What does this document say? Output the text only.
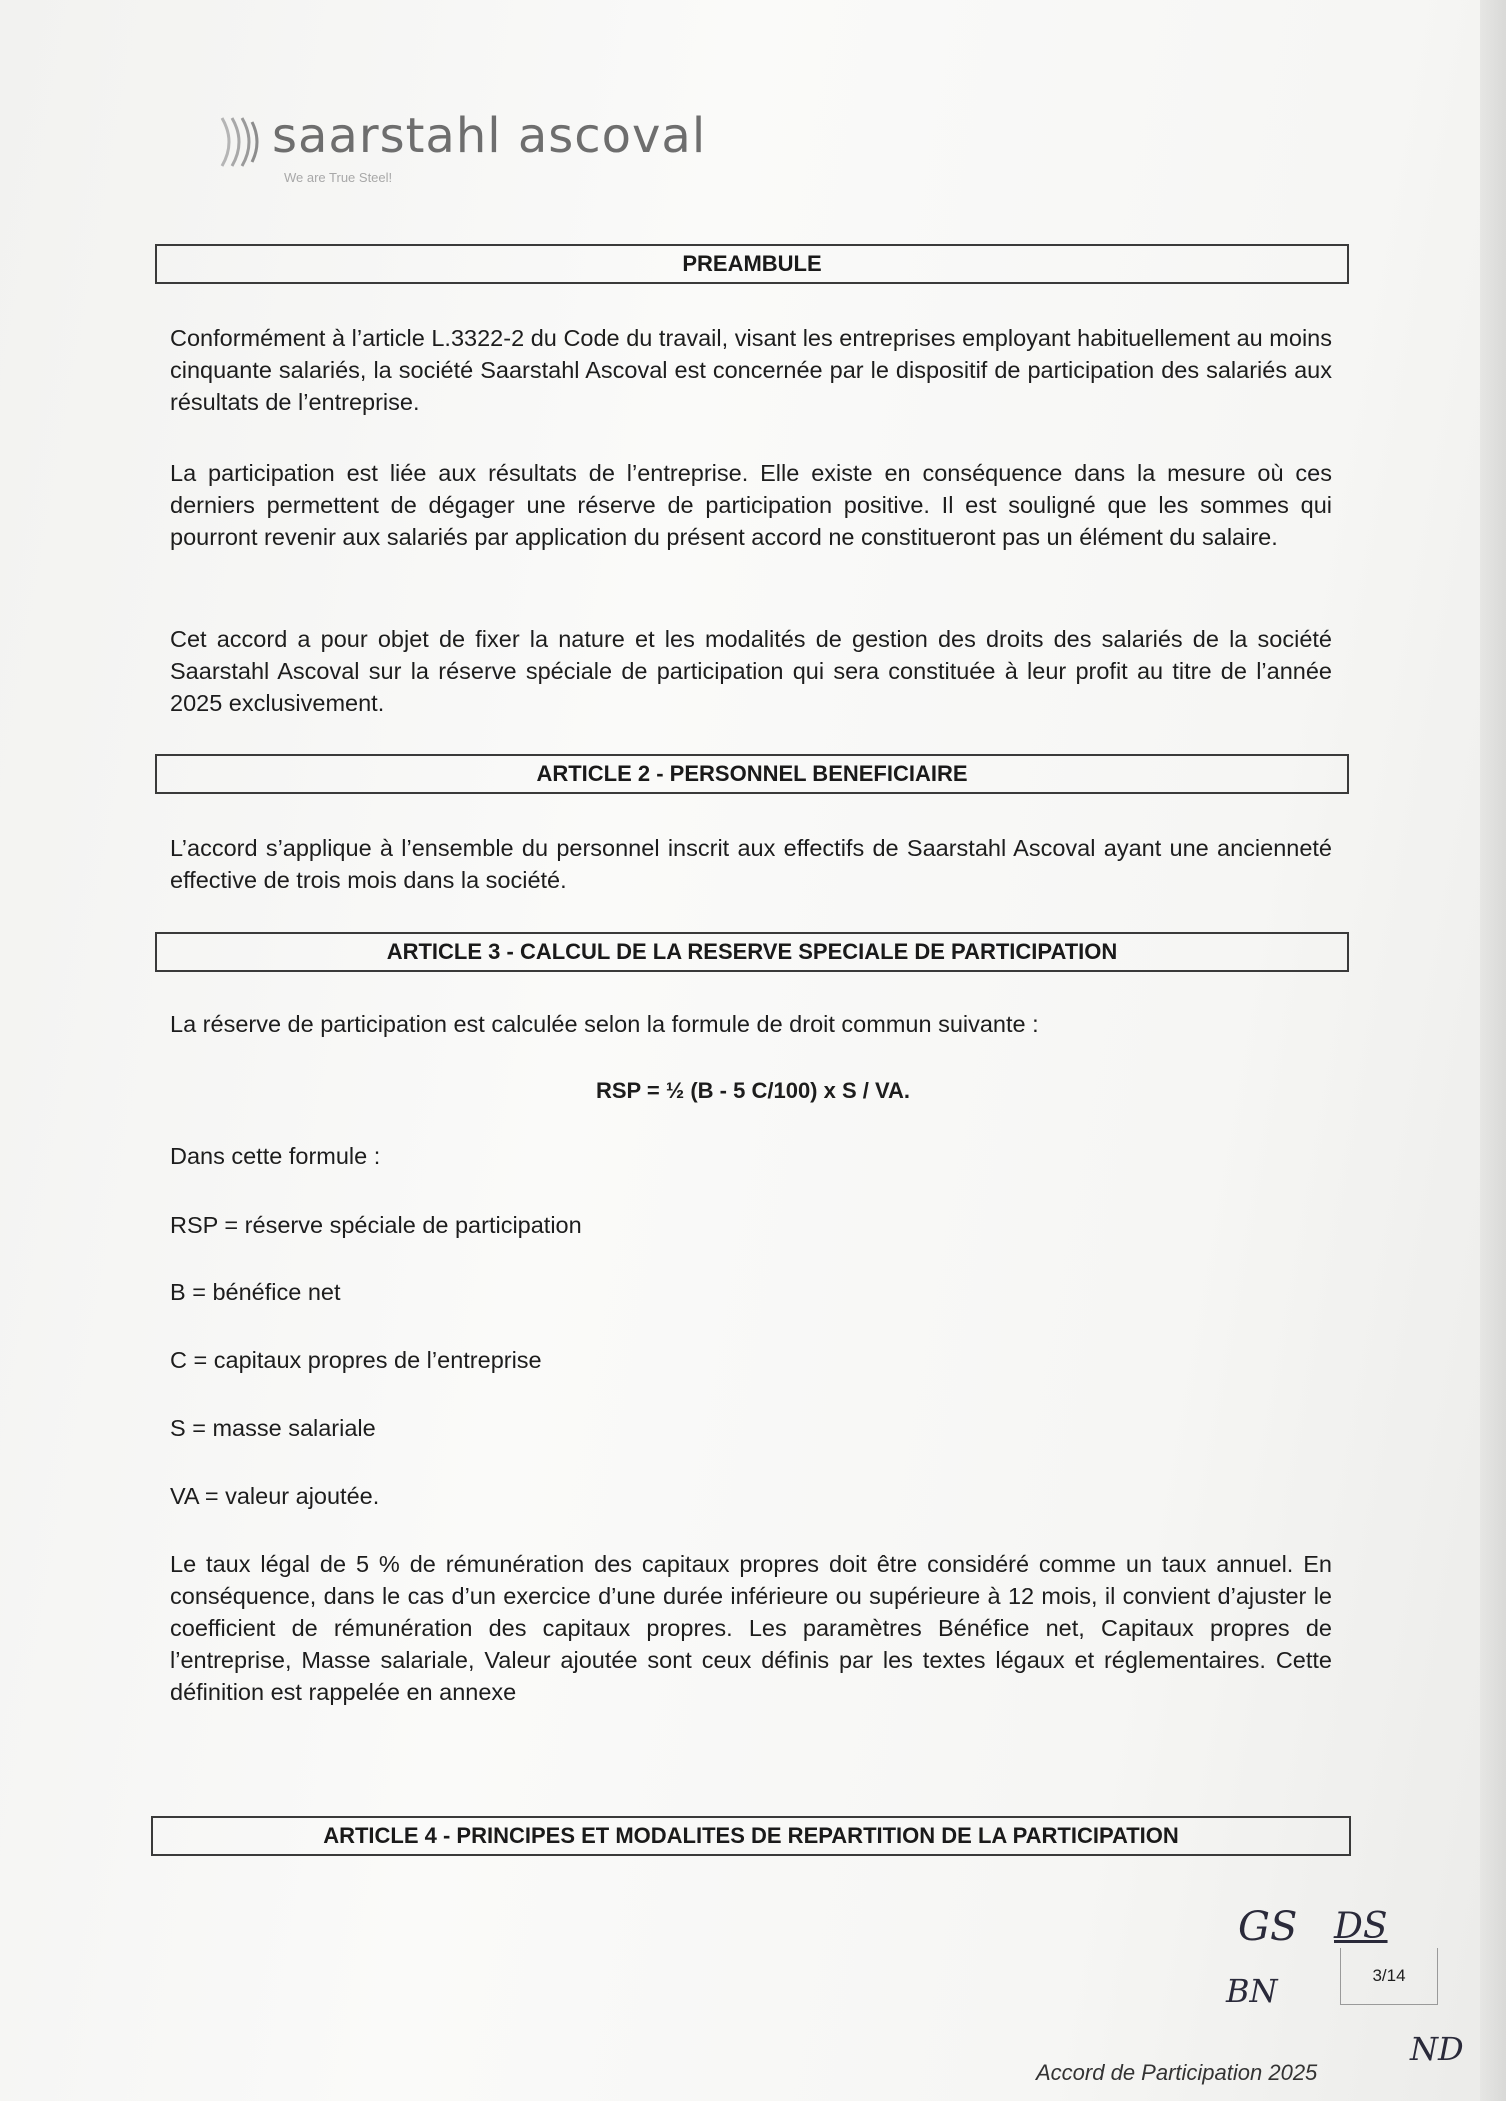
saarstahl ascoval
We are True Steel!
PREAMBULE

Conformément à l’article L.3322-2 du Code du travail, visant les entreprises employant habituellement au moins cinquante salariés, la société Saarstahl Ascoval est concernée par le dispositif de participation des salariés aux résultats de l’entreprise.

La participation est liée aux résultats de l’entreprise. Elle existe en conséquence dans la mesure où ces derniers permettent de dégager une réserve de participation positive. Il est souligné que les sommes qui pourront revenir aux salariés par application du présent accord ne constitueront pas un élément du salaire.

Cet accord a pour objet de fixer la nature et les modalités de gestion des droits des salariés de la société Saarstahl Ascoval sur la réserve spéciale de participation qui sera constituée à leur profit au titre de l’année 2025 exclusivement.

ARTICLE 2 - PERSONNEL BENEFICIAIRE

L’accord s’applique à l’ensemble du personnel inscrit aux effectifs de Saarstahl Ascoval ayant une ancienneté effective de trois mois dans la société.

ARTICLE 3 - CALCUL DE LA RESERVE SPECIALE DE PARTICIPATION

La réserve de participation est calculée selon la formule de droit commun suivante :

RSP = ½ (B - 5 C/100) x S / VA.

Dans cette formule :

RSP = réserve spéciale de participation

B = bénéfice net

C = capitaux propres de l’entreprise

S = masse salariale

VA = valeur ajoutée.

Le taux légal de 5 % de rémunération des capitaux propres doit être considéré comme un taux annuel. En conséquence, dans le cas d’un exercice d’une durée inférieure ou supérieure à 12 mois, il convient d’ajuster le coefficient de rémunération des capitaux propres. Les paramètres Bénéfice net, Capitaux propres de l’entreprise, Masse salariale, Valeur ajoutée sont ceux définis par les textes légaux et réglementaires. Cette définition est rappelée en annexe

ARTICLE 4 - PRINCIPES ET MODALITES DE REPARTITION DE LA PARTICIPATION
GS DS
BN
ND
3/14
Accord de Participation 2025
